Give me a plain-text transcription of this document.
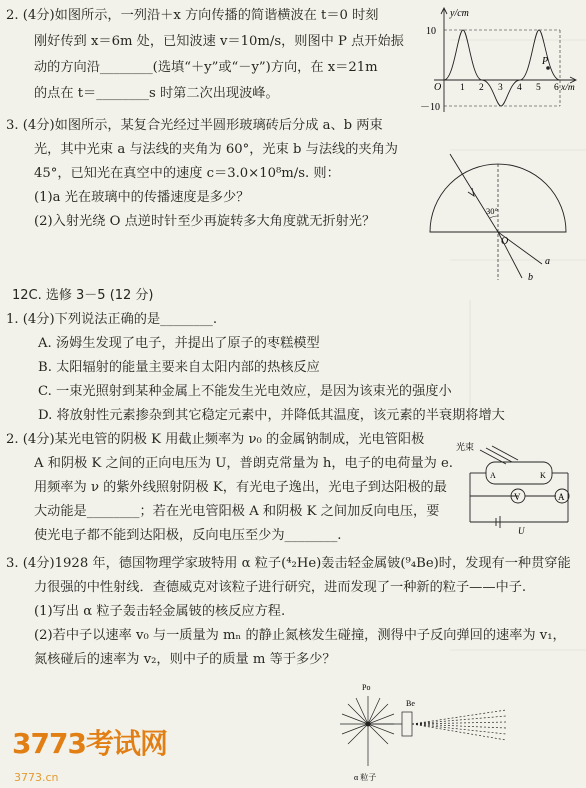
2. (4分)如图所示，一列沿＋x 方向传播的简谐横波在 t＝0 时刻
刚好传到 x＝6m 处，已知波速 v＝10m/s，则图中 P 点开始振
动的方向沿________(选填“＋y”或“－y”)方向，在 x＝21m
的点在 t＝________s 时第二次出现波峰。
y/cm
10
－10
O 1 2 3 4 5 6 x/m
P
3. (4分)如图所示，某复合光经过半圆形玻璃砖后分成 a、b 两束
光，其中光束 a 与法线的夹角为 60°，光束 b 与法线的夹角为
45°，已知光在真空中的速度 c＝3.0×10⁸m/s. 则：
(1)a 光在玻璃中的传播速度是多少？
(2)入射光绕 O 点逆时针至少再旋转多大角度就无折射光？
30°
O
a
b
12C. 选修 3－5 (12 分)
1. (4分)下列说法正确的是________.
A. 汤姆生发现了电子，并提出了原子的枣糕模型
B. 太阳辐射的能量主要来自太阳内部的热核反应
C. 一束光照射到某种金属上不能发生光电效应，是因为该束光的强度小
D. 将放射性元素掺杂到其它稳定元素中，并降低其温度，该元素的半衰期将增大
2. (4分)某光电管的阴极 K 用截止频率为 ν₀ 的金属钠制成，光电管阳极
A 和阴极 K 之间的正向电压为 U，普朗克常量为 h，电子的电荷量为 e.
用频率为 ν 的紫外线照射阴极 K，有光电子逸出，光电子到达阳极的最
大动能是________；若在光电管阳极 A 和阴极 K 之间加反向电压，要
使光电子都不能到达阳极，反向电压至少为________.
光束
A	K
V	A
U
3. (4分)1928 年，德国物理学家玻特用 α 粒子(⁴₂He)轰击轻金属铍(⁹₄Be)时，发现有一种贯穿能
力很强的中性射线．查德威克对该粒子进行研究，进而发现了一种新的粒子——中子.
(1)写出 α 粒子轰击轻金属铍的核反应方程.
(2)若中子以速率 v₀ 与一质量为 mₙ 的静止氮核发生碰撞，测得中子反向弹回的速率为 v₁，
氮核碰后的速率为 v₂，则中子的质量 m 等于多少？
Po
Be
α 粒子
3773考试网
3773.cn
